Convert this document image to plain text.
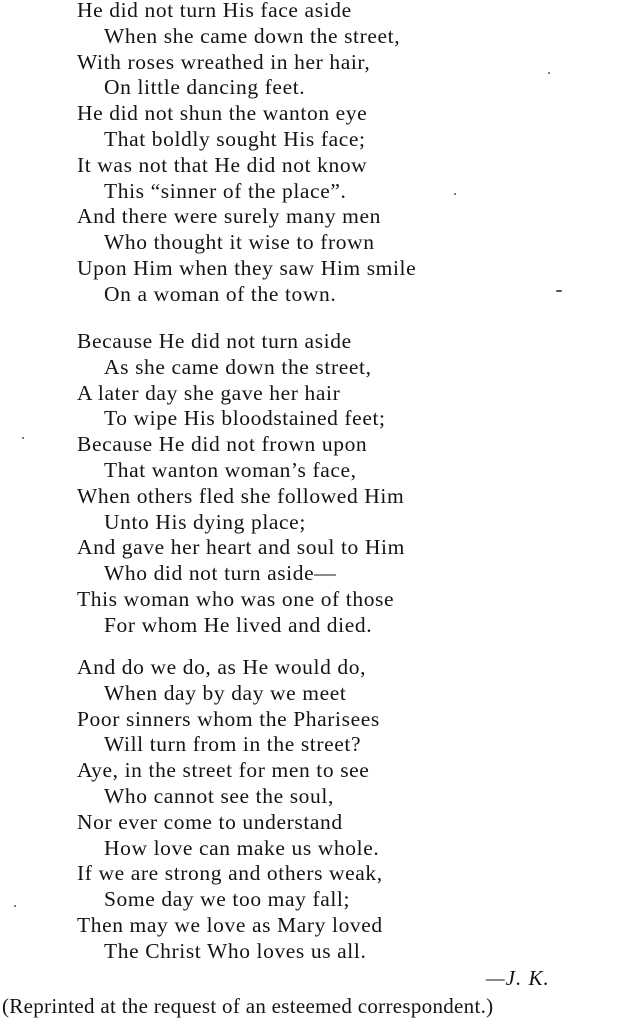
He did not turn His face aside
When she came down the street,
With roses wreathed in her hair,
On little dancing feet.
He did not shun the wanton eye
That boldly sought His face;
It was not that He did not know
This “sinner of the place”.
And there were surely many men
Who thought it wise to frown
Upon Him when they saw Him smile
On a woman of the town.
Because He did not turn aside
As she came down the street,
A later day she gave her hair
To wipe His bloodstained feet;
Because He did not frown upon
That wanton woman’s face,
When others fled she followed Him
Unto His dying place;
And gave her heart and soul to Him
Who did not turn aside—
This woman who was one of those
For whom He lived and died.
And do we do, as He would do,
When day by day we meet
Poor sinners whom the Pharisees
Will turn from in the street?
Aye, in the street for men to see
Who cannot see the soul,
Nor ever come to understand
How love can make us whole.
If we are strong and others weak,
Some day we too may fall;
Then may we love as Mary loved
The Christ Who loves us all.
—J. K.
(Reprinted at the request of an esteemed correspondent.)
